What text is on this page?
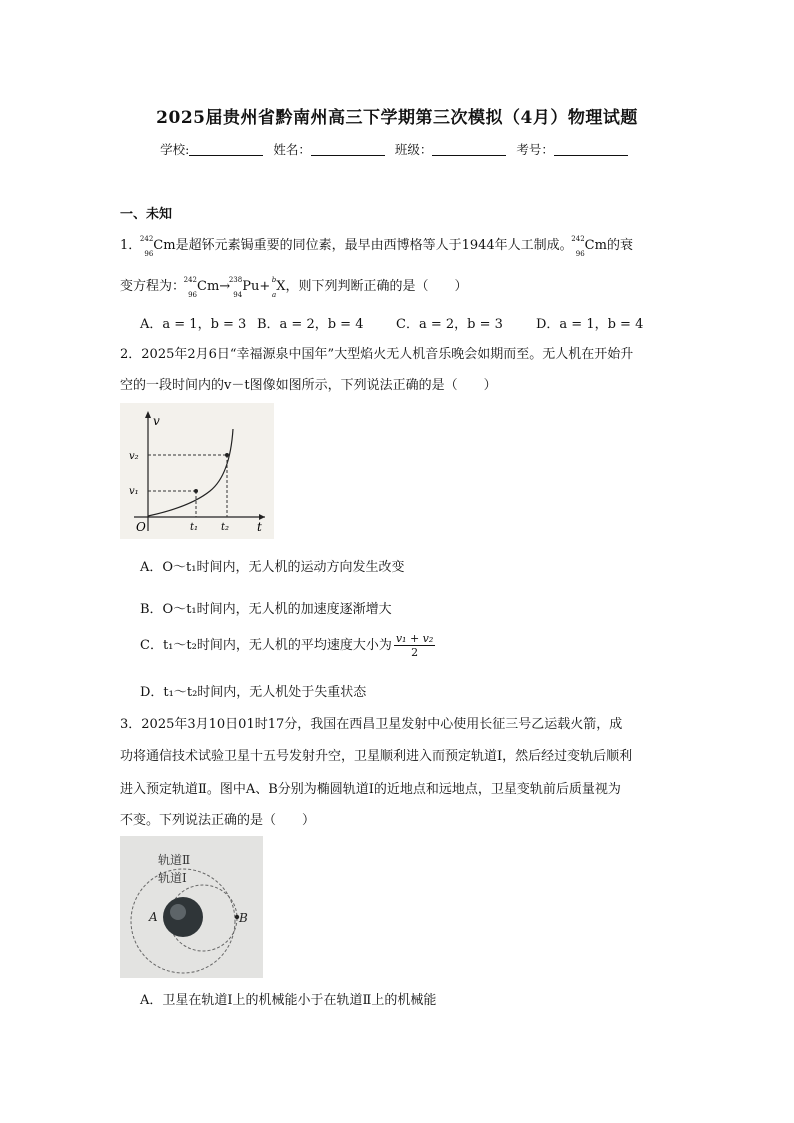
2025届贵州省黔南州高三下学期第三次模拟（4月）物理试题
学校:	姓名：	班级：	考号：
一、未知
1．
242
96
Cm是超钚元素锔重要的同位素，最早由西博格等人于1944年人工制成。
242
96
Cm的衰
变方程为：
242
96
Cm→
238
94
Pu+ b
a
X，则下列判断正确的是（　　）
A．a = 1，b = 3 B．a = 2，b = 4	C．a = 2，b = 3	D．a = 1，b = 4
2．2025年2月6日“幸福源泉中国年”大型焰火无人机音乐晚会如期而至。无人机在开始升
空的一段时间内的v－t图像如图所示，下列说法正确的是（　　）
v
t
O
v₁
v₂
t₁ t₂
A．O～t₁时间内，无人机的运动方向发生改变
B．O～t₁时间内，无人机的加速度逐渐增大
C．t₁～t₂时间内，无人机的平均速度大小为 $\frac{\text{v₁ + v₂}}{2}$
D．t₁～t₂时间内，无人机处于失重状态
3．2025年3月10日01时17分，我国在西昌卫星发射中心使用长征三号乙运载火箭，成
功将通信技术试验卫星十五号发射升空，卫星顺利进入而预定轨道Ⅰ，然后经过变轨后顺利
进入预定轨道Ⅱ。图中A、B分别为椭圆轨道Ⅰ的近地点和远地点，卫星变轨前后质量视为
不变。下列说法正确的是（　　）
轨道Ⅱ
轨道Ⅰ
A	B
A．卫星在轨道Ⅰ上的机械能小于在轨道Ⅱ上的机械能
